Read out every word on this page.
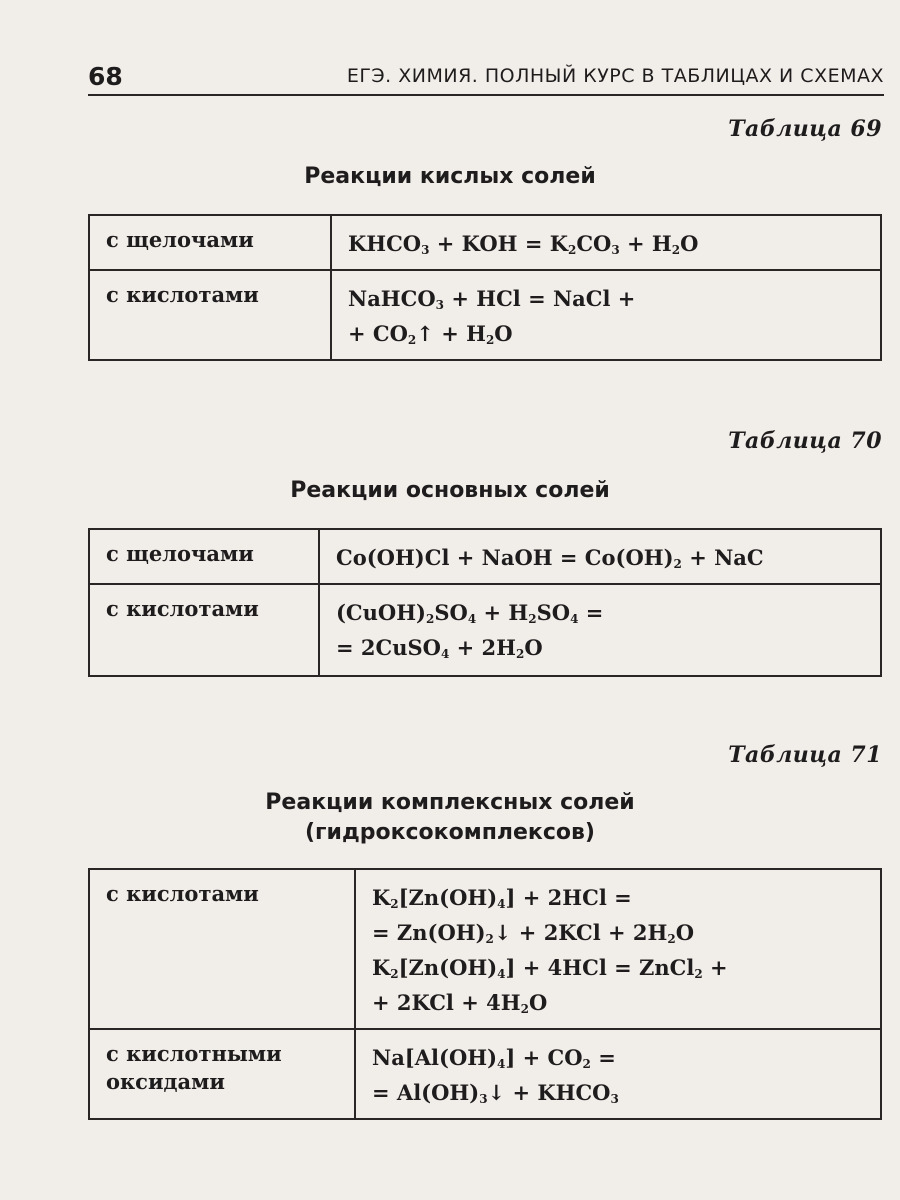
68	ЕГЭ. ХИМИЯ. ПОЛНЫЙ КУРС В ТАБЛИЦАХ И СХЕМАХ
Таблица 69
Реакции кислых солей
с щелочами	$KHCO_3$ + KOH = $K_2CO_3 + H_2O$

с кислотами	NaHCO$_3$ + HCl = NaCl +
+ $CO_2↑ + H_2O$
Таблица 70
Реакции основных солей
с щелочами	Co(OH)Cl + NaOH = $Co(OH)_2$ + NaC

с кислотами	$(CuOH)_2SO_4 + H_2SO_4$ =
= 2CuSO$_4$ + $2H_2O$
Таблица 71
Реакции комплексных солей
(гидроксокомплексов)
с кислотами	$K_2[Zn(OH)_4] + 2HCl$ =
= $Zn(OH)_2↓ + 2KCl + 2H_2O$
$K_2[Zn(OH)_4] + 4HCl$ = ZnCl$_2$ +
+ $2KCl + 4H_2O$

с кислотными
оксидами	$Na[Al(OH)_4] + CO_2$ =
= $Al(OH)_3↓$ + $KHCO_3$
